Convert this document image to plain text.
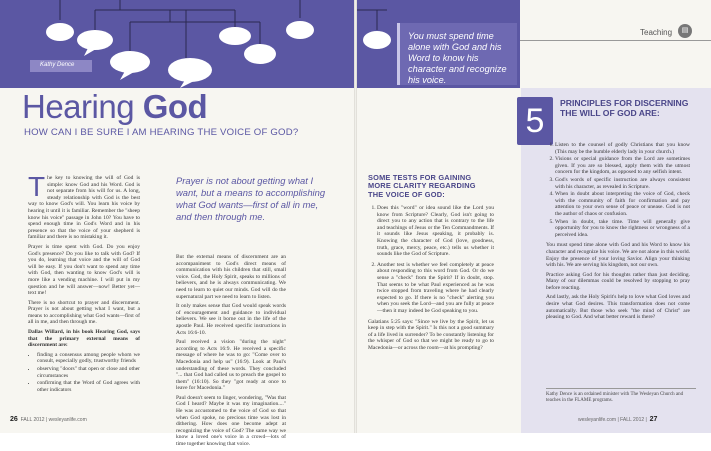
Kathy Dence

You must spend time alone with God and his Word to know his character and recognize his voice.

Teaching	▤
Hearing God
HOW CAN I BE SURE I AM HEARING THE VOICE OF GOD?

The key to knowing the will of God is simple: know God and his Word. God is not separate from his will for us. A long, steady relationship with God is the best way to know God's will. You learn his voice by hearing it until it is familiar. Remember the "sheep know his voice" passage in John 10? You have to spend enough time in God's Word and in his presence so that the voice of your shepherd is familiar and there is no mistaking it.

Prayer is time spent with God. Do you enjoy God's presence? Do you like to talk with God? If you do, learning that voice and the will of God will be easy. If you don't want to spend any time with God, then wanting to know God's will is more like a vending machine. I will put in my question and he will answer—now! Better yet—text me!

There is no shortcut to prayer and discernment. Prayer is not about getting what I want, but a means to accomplishing what God wants—first of all in me, and then through me.

Dallas Willard, in his book Hearing God, says that the primary external means of discernment are:

• finding a consensus among people whom we consult, especially godly, trustworthy friends
• observing "doors" that open or close and other circumstances
• confirming that the Word of God agrees with other indicators
Prayer is not about getting what I want, but a means to accomplishing what God wants—first of all in me, and then through me.

But the external means of discernment are an accompaniment to God's direct means of communication with his children that still, small voice. God, the Holy Spirit, speaks to millions of believers, and he is always communicating. We need to learn to quiet our minds. God will do the supernatural part we need to learn to listen.

It only makes sense that God would speak words of encouragement and guidance to individual believers. We see it borne out in the life of the apostle Paul. He received specific instructions in Acts 16:6-10.

Paul received a vision "during the night" according to Acts 16:9. He received a specific message of where he was to go: "Come over to Macedonia and help us" (16:9). Look at Paul's understanding of these words. They concluded "... that God had called us to preach the gospel to them" (16:10). So they "got ready at once to leave for Macedonia."

Paul doesn't seem to linger, wondering, "Was that God I heard? Maybe it was my imagination...." He was accustomed to the voice of God so that when God spoke, no precious time was lost in dithering. How does one become adept at recognizing the voice of God? The same way we know a loved one's voice in a crowd—lots of time together knowing that voice.

SOME TESTS FOR GAINING MORE CLARITY REGARDING THE VOICE OF GOD:
1. Does this "word" or idea sound like the Lord you know from Scripture? Clearly, God isn't going to direct you to any action that is contrary to the life and teachings of Jesus or the Ten Commandments. If it sounds like Jesus speaking, it probably is. Knowing the character of God (love, goodness, truth, grace, mercy, peace, etc.) tells us whether it sounds like the God of Scripture.
2. Another test is whether we feel completely at peace about responding to this word from God. Or do we sense a "check" from the Spirit? If in doubt, stop. That seems to be what Paul experienced as he was twice stopped from traveling where he had clearly expected to go. If there is no "check" alerting you when you seek the Lord—and you are fully at peace—then it may indeed be God speaking to you.

Galatians 5:25 says: "Since we live by the Spirit, let us keep in step with the Spirit." Is this not a good summary of a life lived in surrender? To be constantly listening for the whisper of God so that we might be ready to go to Macedonia—or across the room—at his prompting?

5	PRINCIPLES FOR DISCERNING THE WILL OF GOD ARE:
1. Listen to the counsel of godly Christians that you know (This may be the humble elderly lady in your church.)
2. Visions or special guidance from the Lord are sometimes given. If you are so blessed, apply them with the utmost concern for the kingdom, as opposed to any selfish intent.
3. God's words of specific instruction are always consistent with his character, as revealed in Scripture.
4. When in doubt about interpreting the voice of God, check with the community of faith for confirmation and pay attention to your own sense of peace or unease. God is not the author of chaos or confusion.
5. When in doubt, take time. Time will generally give opportunity for you to know the rightness or wrongness of a perceived idea.

You must spend time alone with God and his Word to know his character and recognize his voice. We are not alone in this world. Enjoy the presence of your loving Savior. Align your thinking with his. We are serving his kingdom, not our own.

Practice asking God for his thoughts rather than just deciding. Many of our dilemmas could be resolved by stopping to pray before reacting.

And lastly, ask the Holy Spirit's help to love what God loves and desire what God desires. This transformation does not come automatically. But those who seek "the mind of Christ" are pleasing to God. And what better reward is there?

Kathy Dence is an ordained minister with The Wesleyan Church and teaches in the FLAME programs.
26 FALL 2012 | wesleyanlife.com	wesleyanlife.com | FALL 2012 | 27
